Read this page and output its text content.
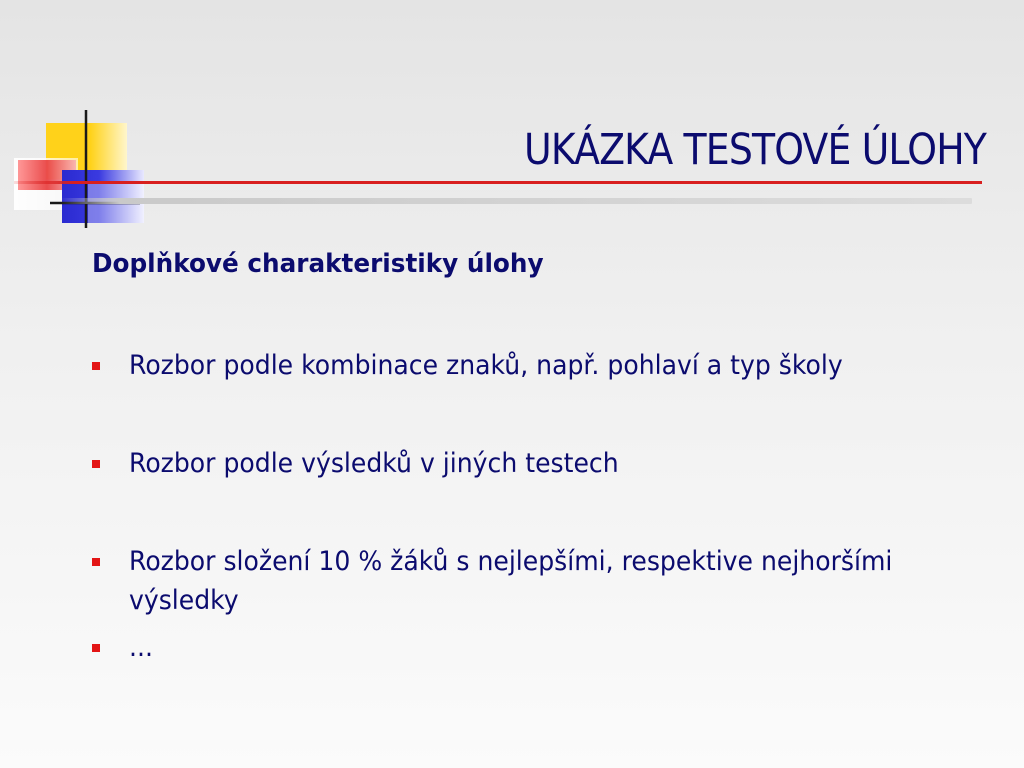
UKÁZKA TESTOVÉ ÚLOHY
Doplňkové charakteristiky úlohy
Rozbor podle kombinace znaků, např. pohlaví a typ školy
Rozbor podle výsledků v jiných testech
Rozbor složení 10 % žáků s nejlepšími, respektive nejhoršími výsledky
...
